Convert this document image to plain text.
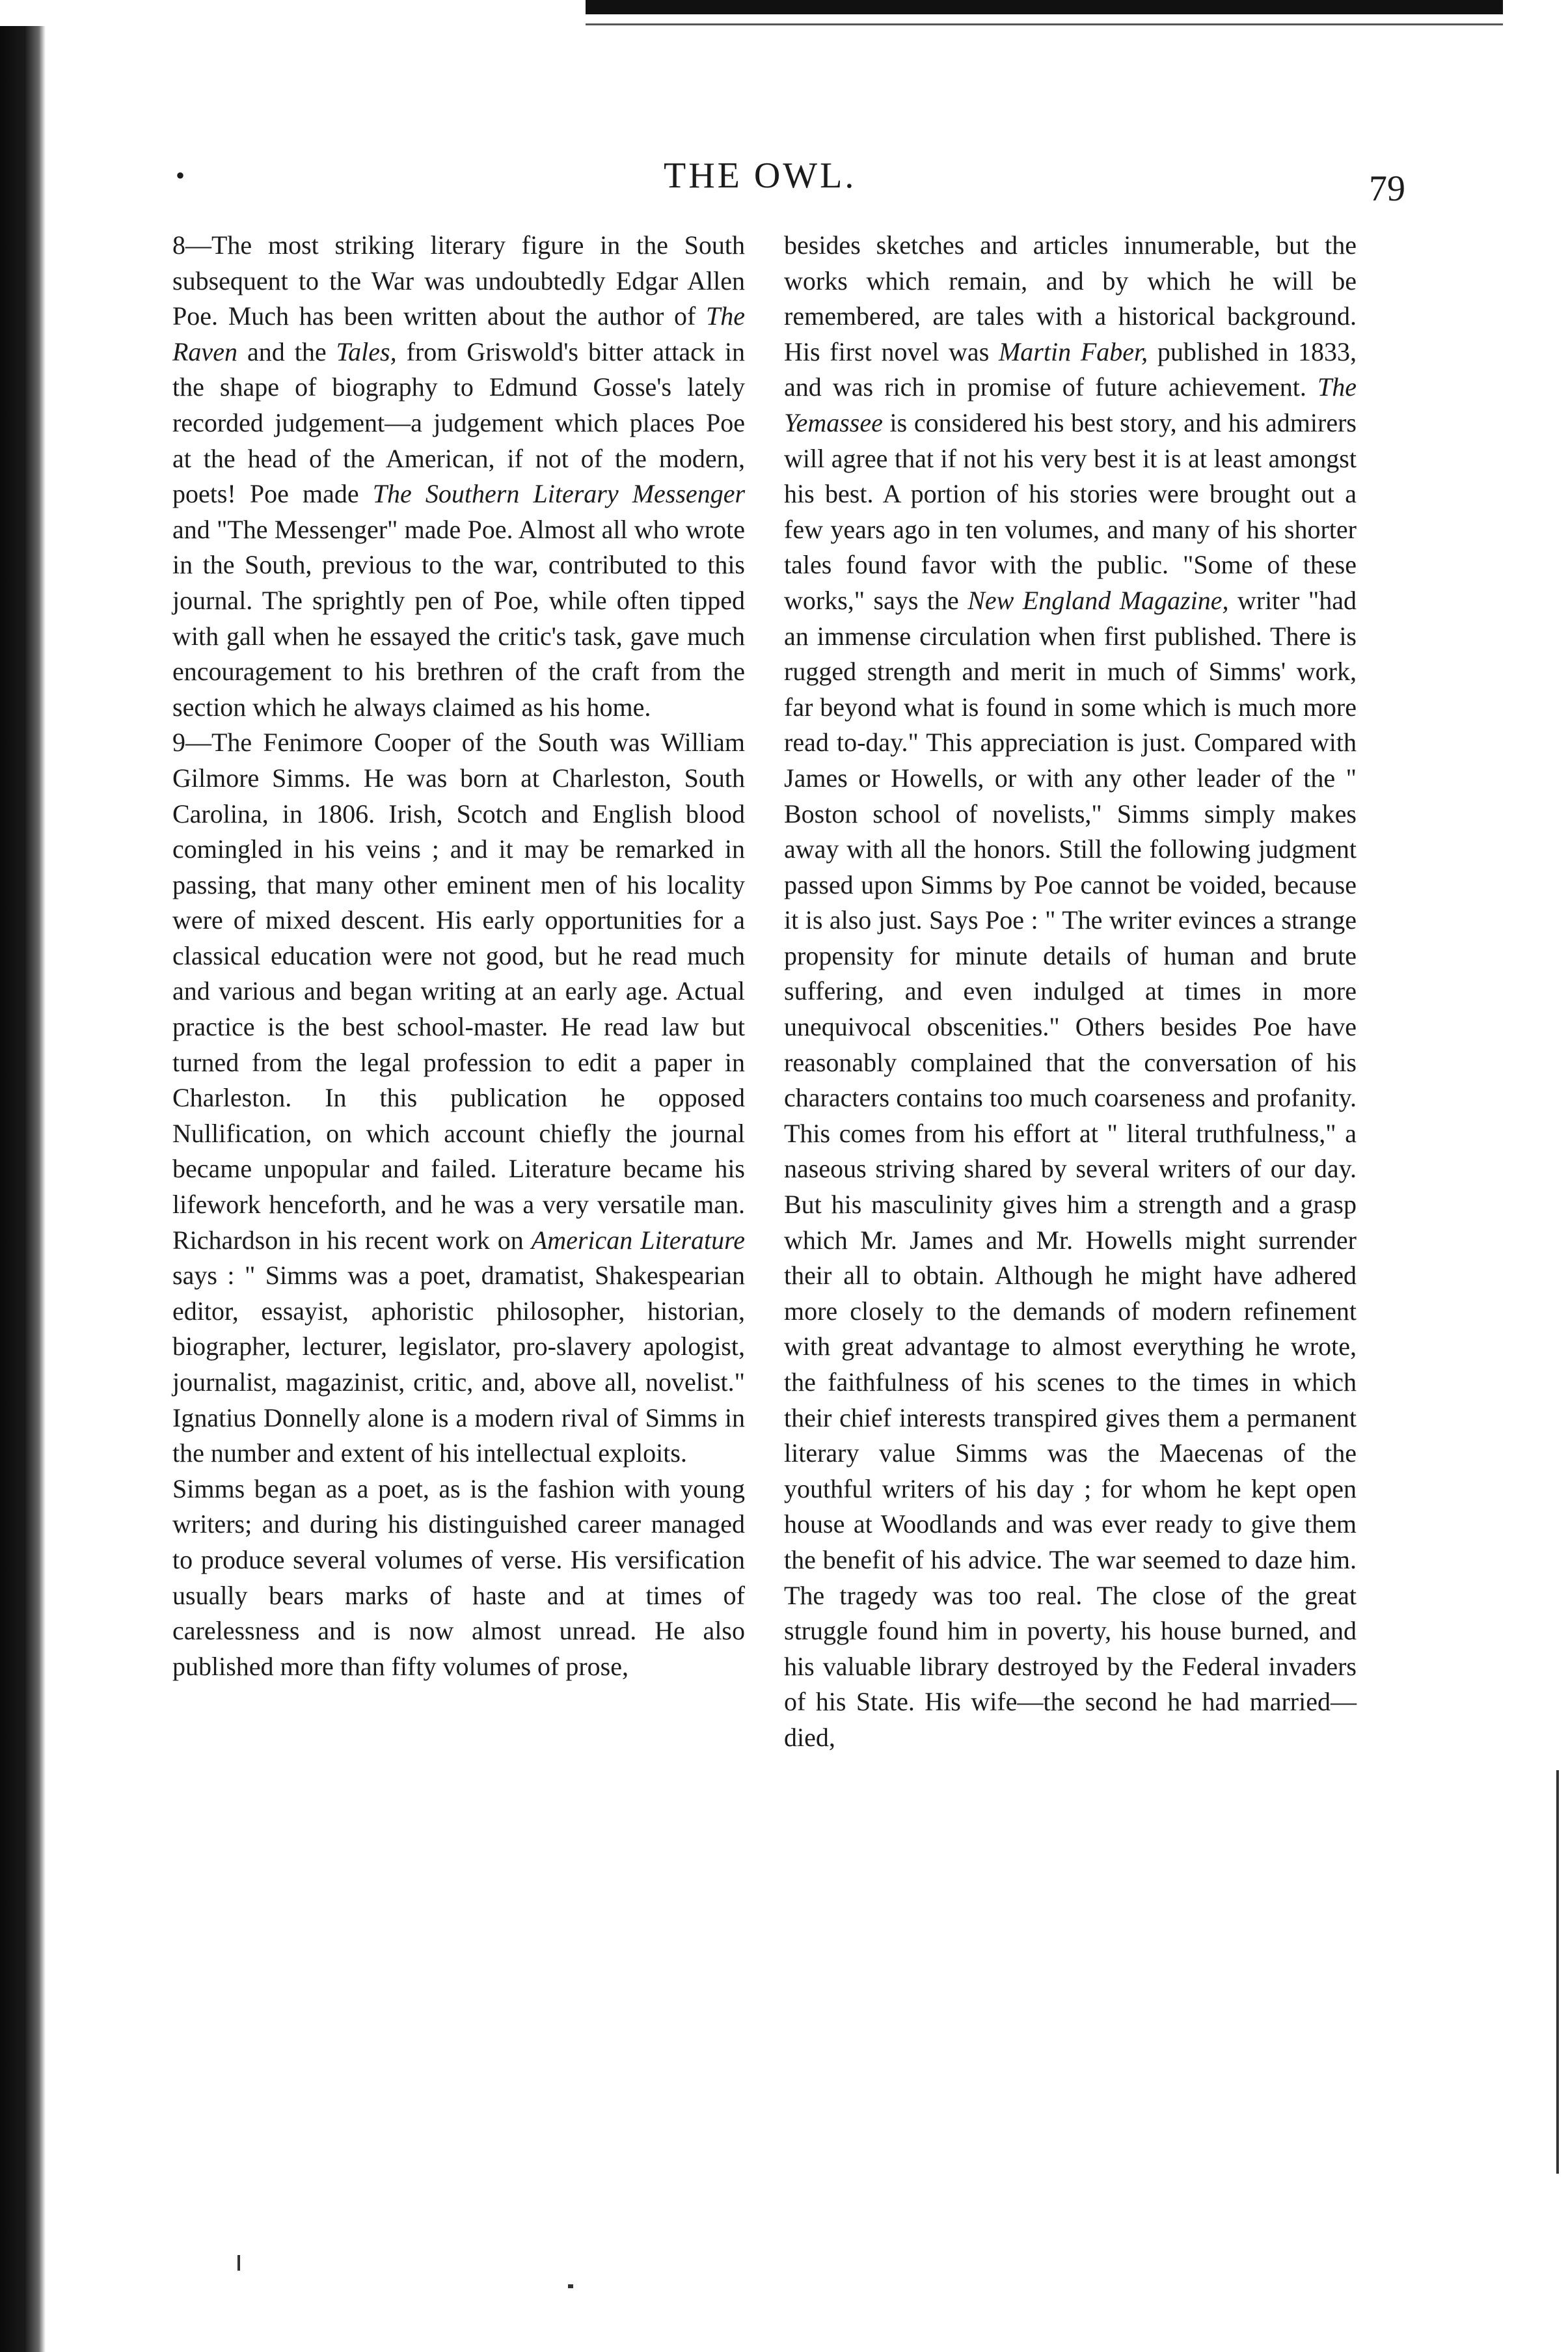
•	THE OWL.	79

8—The most striking literary figure in the South subsequent to the War was undoubtedly Edgar Allen Poe. Much has been written about the author of The Raven and the Tales, from Griswold's bitter attack in the shape of biography to Edmund Gosse's lately recorded judgement—a judgement which places Poe at the head of the American, if not of the modern, poets! Poe made The Southern Literary Messenger and "The Messenger" made Poe. Almost all who wrote in the South, previous to the war, contributed to this journal. The sprightly pen of Poe, while often tipped with gall when he essayed the critic's task, gave much encouragement to his brethren of the craft from the section which he always claimed as his home.

9—The Fenimore Cooper of the South was William Gilmore Simms. He was born at Charleston, South Carolina, in 1806. Irish, Scotch and English blood comingled in his veins ; and it may be remarked in passing, that many other eminent men of his locality were of mixed descent. His early opportunities for a classical education were not good, but he read much and various and began writing at an early age. Actual practice is the best school-master. He read law but turned from the legal profession to edit a paper in Charleston. In this publication he opposed Nullification, on which account chiefly the journal became unpopular and failed. Literature became his lifework henceforth, and he was a very versatile man. Richardson in his recent work on American Literature says : " Simms was a poet, dramatist, Shakespearian editor, essayist, aphoristic philosopher, historian, biographer, lecturer, legislator, pro-slavery apologist, journalist, magazinist, critic, and, above all, novelist." Ignatius Donnelly alone is a modern rival of Simms in the number and extent of his intellectual exploits.

Simms began as a poet, as is the fashion with young writers; and during his distinguished career managed to produce several volumes of verse. His versification usually bears marks of haste and at times of carelessness and is now almost unread. He also published more than fifty volumes of prose,

besides sketches and articles innumerable, but the works which remain, and by which he will be remembered, are tales with a historical background. His first novel was Martin Faber, published in 1833, and was rich in promise of future achievement. The Yemassee is considered his best story, and his admirers will agree that if not his very best it is at least amongst his best. A portion of his stories were brought out a few years ago in ten volumes, and many of his shorter tales found favor with the public. "Some of these works," says the New England Magazine, writer "had an immense circulation when first published. There is rugged strength and merit in much of Simms' work, far beyond what is found in some which is much more read to-day." This appreciation is just. Compared with James or Howells, or with any other leader of the " Boston school of novelists," Simms simply makes away with all the honors. Still the following judgment passed upon Simms by Poe cannot be voided, because it is also just. Says Poe : " The writer evinces a strange propensity for minute details of human and brute suffering, and even indulged at times in more unequivocal obscenities." Others besides Poe have reasonably complained that the conversation of his characters contains too much coarseness and profanity. This comes from his effort at " literal truthfulness," a naseous striving shared by several writers of our day. But his masculinity gives him a strength and a grasp which Mr. James and Mr. Howells might surrender their all to obtain. Although he might have adhered more closely to the demands of modern refinement with great advantage to almost everything he wrote, the faithfulness of his scenes to the times in which their chief interests transpired gives them a permanent literary value Simms was the Maecenas of the youthful writers of his day ; for whom he kept open house at Woodlands and was ever ready to give them the benefit of his advice. The war seemed to daze him. The tragedy was too real. The close of the great struggle found him in poverty, his house burned, and his valuable library destroyed by the Federal invaders of his State. His wife—the second he had married—died,
